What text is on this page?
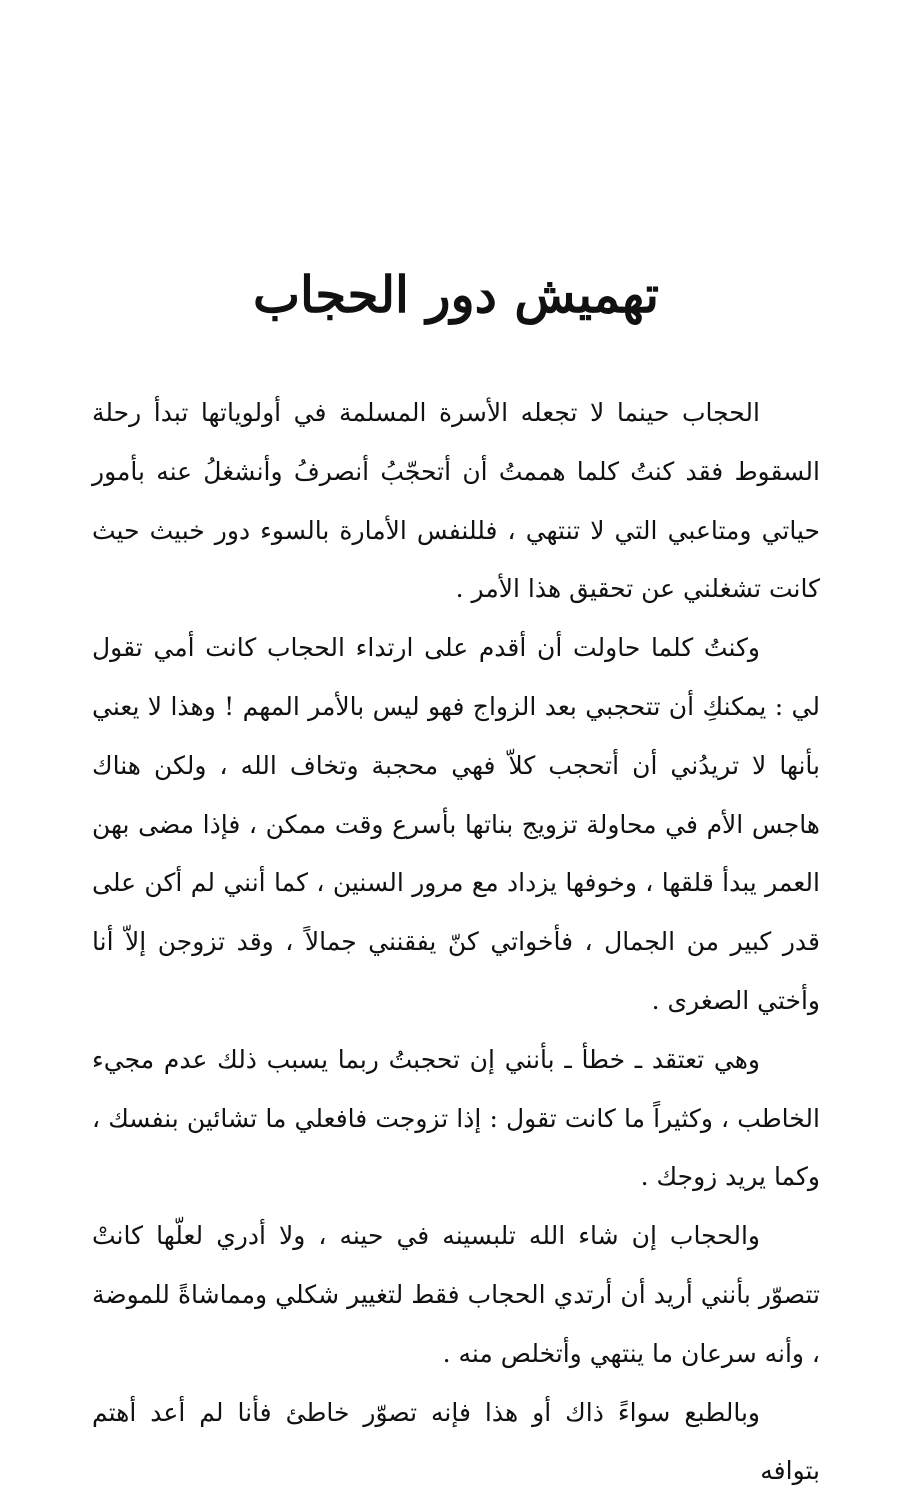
تهميش دور الحجاب

الحجاب حينما لا تجعله الأسرة المسلمة في أولوياتها تبدأ رحلة السقوط فقد كنتُ كلما هممتُ أن أتحجّبُ أنصرفُ وأنشغلُ عنه بأمور حياتي ومتاعبي التي لا تنتهي ، فللنفس الأمارة بالسوء دور خبيث حيث كانت تشغلني عن تحقيق هذا الأمر .

وكنتُ كلما حاولت أن أقدم على ارتداء الحجاب كانت أمي تقول لي : يمكنكِ أن تتحجبي بعد الزواج فهو ليس بالأمر المهم ! وهذا لا يعني بأنها لا تريدُني أن أتحجب كلاّ فهي محجبة وتخاف الله ، ولكن هناك هاجس الأم في محاولة تزويج بناتها بأسرع وقت ممكن ، فإذا مضى بهن العمر يبدأ قلقها ، وخوفها يزداد مع مرور السنين ، كما أنني لم أكن على قدر كبير من الجمال ، فأخواتي كنّ يفقنني جمالاً ، وقد تزوجن إلاّ أنا وأختي الصغرى .

وهي تعتقد ـ خطأ ـ بأنني إن تحجبتُ ربما يسبب ذلك عدم مجيء الخاطب ، وكثيراً ما كانت تقول : إذا تزوجت فافعلي ما تشائين بنفسك ، وكما يريد زوجك .

والحجاب إن شاء الله تلبسينه في حينه ، ولا أدري لعلّها كانتْ تتصوّر بأنني أريد أن أرتدي الحجاب فقط لتغيير شكلي ومماشاةً للموضة ، وأنه سرعان ما ينتهي وأتخلص منه .

وبالطبع سواءً ذاك أو هذا فإنه تصوّر خاطئ فأنا لم أعد أهتم بتوافه
